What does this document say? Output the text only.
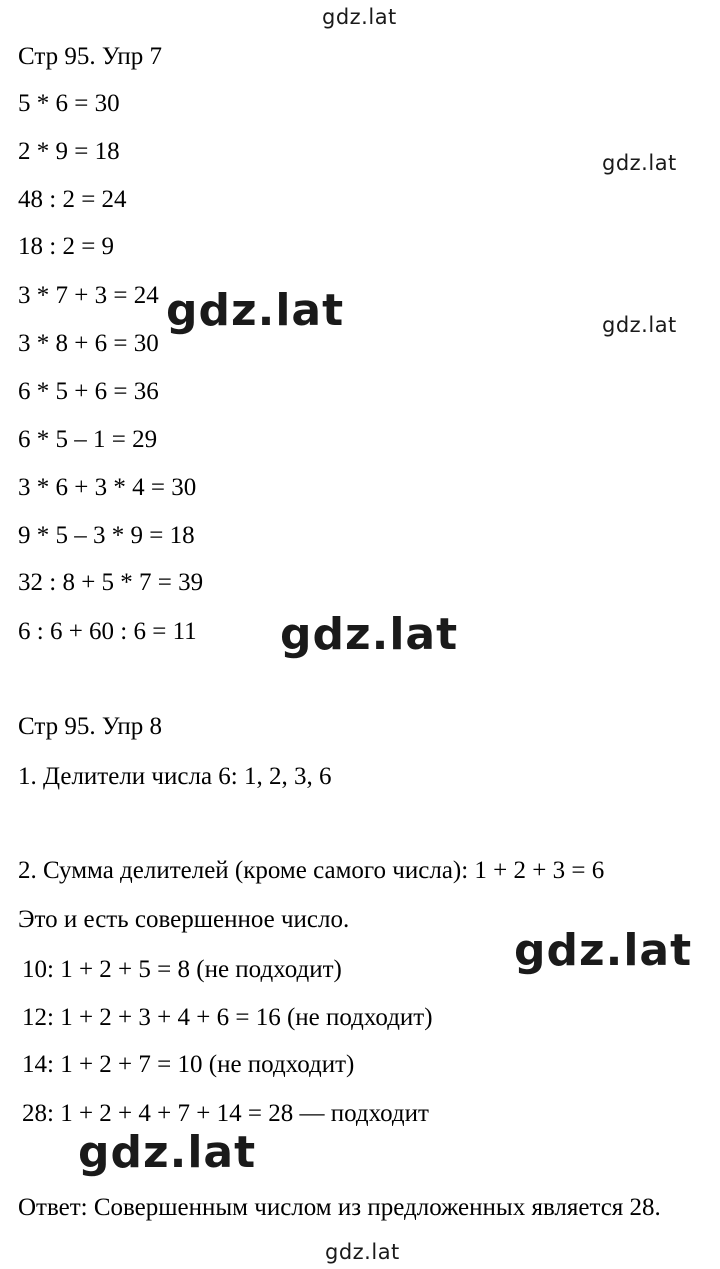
gdz.lat
gdz.lat
gdz.lat
gdz.lat
gdz.lat
gdz.lat
gdz.lat
gdz.lat
Стр 95. Упр 7
5 * 6 = 30
2 * 9 = 18
48 : 2 = 24
18 : 2 = 9
3 * 7 + 3 = 24
3 * 8 + 6 = 30
6 * 5 + 6 = 36
6 * 5 – 1 = 29
3 * 6 + 3 * 4 = 30
9 * 5 – 3 * 9 = 18
32 : 8 + 5 * 7 = 39
6 : 6 + 60 : 6 = 11
Стр 95. Упр 8
1. Делители числа 6: 1, 2, 3, 6
2. Сумма делителей (кроме самого числа): 1 + 2 + 3 = 6
Это и есть совершенное число.
10: 1 + 2 + 5 = 8 (не подходит)
12: 1 + 2 + 3 + 4 + 6 = 16 (не подходит)
14: 1 + 2 + 7 = 10 (не подходит)
28: 1 + 2 + 4 + 7 + 14 = 28 — подходит
Ответ: Совершенным числом из предложенных является 28.
